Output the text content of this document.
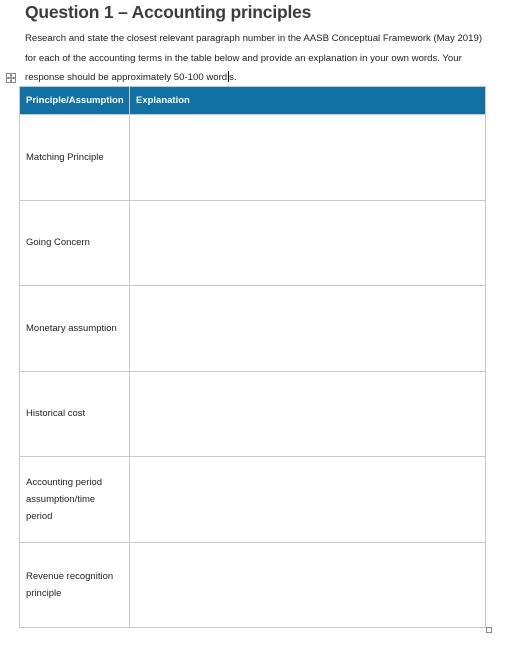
Question 1 – Accounting principles
Research and state the closest relevant paragraph number in the AASB Conceptual Framework (May 2019)
for each of the accounting terms in the table below and provide an explanation in your own words. Your
response should be approximately 50-100 word s.
Principle/Assumption	Explanation
Matching Principle	
Going Concern	
Monetary assumption	
Historical cost	
Accounting period assumption/time period	
Revenue recognition principle	
